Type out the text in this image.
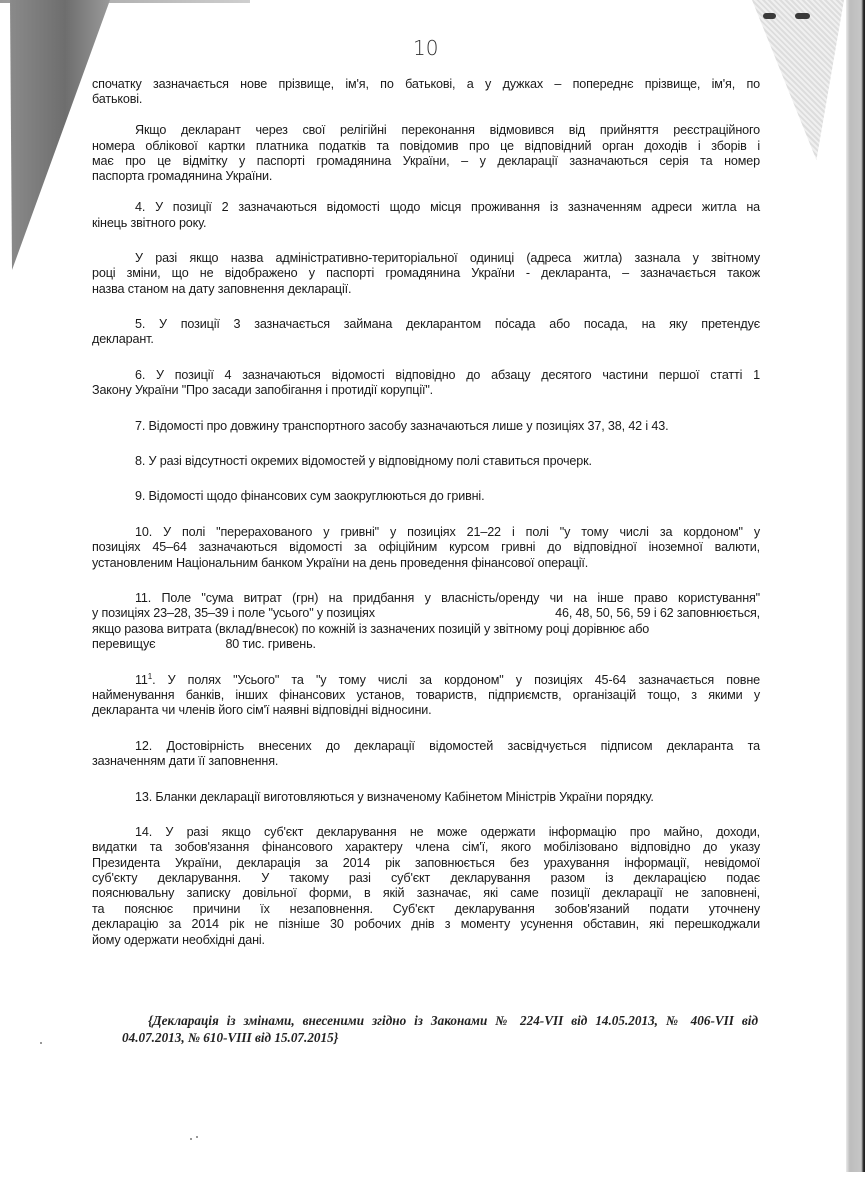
10
спочатку зазначається нове прізвище, ім'я, по батькові, а у дужках – попереднє прізвище, ім'я, по
батькові.
Якщо декларант через свої релігійні переконання відмовився від прийняття реєстраційного
номера облікової картки платника податків та повідомив про це відповідний орган доходів і зборів і
має про це відмітку у паспорті громадянина України, – у декларації зазначаються серія та номер
паспорта громадянина України.
4. У позиції 2 зазначаються відомості щодо місця проживання із зазначенням адреси житла на
кінець звітного року.
У разі якщо назва адміністративно-територіальної одиниці (адреса житла) зазнала у звітному
році зміни, що не відображено у паспорті громадянина України - декларанта, – зазначається також
назва станом на дату заповнення декларації.
5. У позиції 3 зазначається займана декларантом посада або посада, на яку претендує
декларант.
6. У позиції 4 зазначаються відомості відповідно до абзацу десятого частини першої статті 1
Закону України "Про засади запобігання і протидії корупції".
7. Відомості про довжину транспортного засобу зазначаються лише у позиціях 37, 38, 42 і 43.
8. У разі відсутності окремих відомостей у відповідному полі ставиться прочерк.
9. Відомості щодо фінансових сум заокруглюються до гривні.
10. У полі "перерахованого у гривні" у позиціях 21–22 і полі "у тому числі за кордоном" у
позиціях 45–64 зазначаються відомості за офіційним курсом гривні до відповідної іноземної валюти,
установленим Національним банком України на день проведення фінансової операції.
11. Поле "сума витрат (грн) на придбання у власність/оренду чи на інше право користування"
у позиціях 23–28, 35–39 і поле "усього" у позиціях	46, 48, 50, 56, 59 і 62 заповнюється,
якщо разова витрата (вклад/внесок) по кожній із зазначених позицій у звітному році дорівнює або
перевищує	80 тис. гривень.
$11^1$. У полях "Усього" та "у тому числі за кордоном" у позиціях 45-64 зазначається повне
найменування банків, інших фінансових установ, товариств, підприємств, організацій тощо, з якими у
декларанта чи членів його сім'ї наявні відповідні відносини.
12. Достовірність внесених до декларації відомостей засвідчується підписом декларанта та
зазначенням дати її заповнення.
13. Бланки декларації виготовляються у визначеному Кабінетом Міністрів України порядку.
14. У разі якщо суб'єкт декларування не може одержати інформацію про майно, доходи,
видатки та зобов'язання фінансового характеру члена сім'ї, якого мобілізовано відповідно до указу
Президента України, декларація за 2014 рік заповнюється без урахування інформації, невідомої
суб'єкту декларування. У такому разі суб'єкт декларування разом із декларацією подає
пояснювальну записку довільної форми, в якій зазначає, які саме позиції декларації не заповнені,
та пояснює причини їх незаповнення. Суб'єкт декларування зобов'язаний подати уточнену
декларацію за 2014 рік не пізніше 30 робочих днів з моменту усунення обставин, які перешкоджали
йому одержати необхідні дані.
{Декларація із змінами, внесеними згідно із Законами № 224-VII від 14.05.2013, № 406-VII від
04.07.2013, № 610-VIII від 15.07.2015}
